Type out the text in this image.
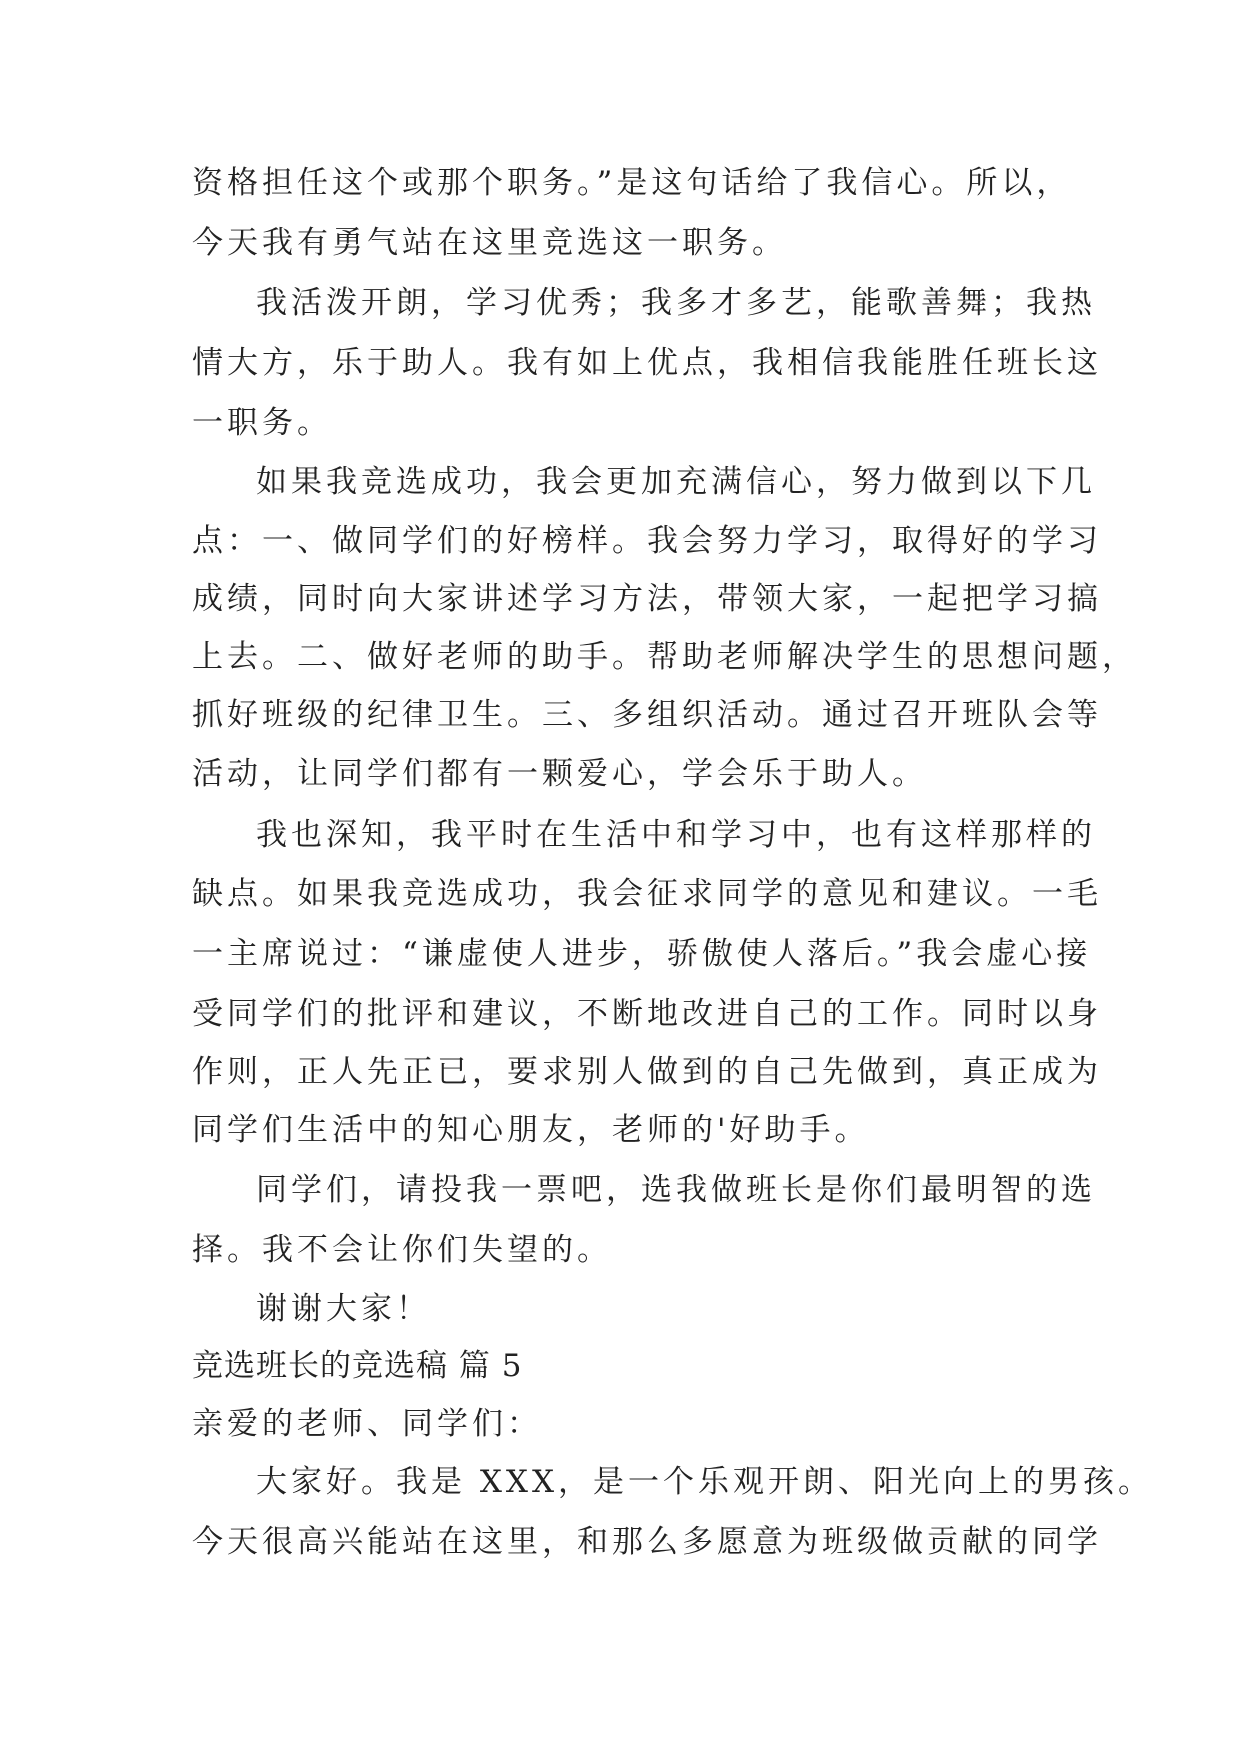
资格担任这个或那个职务。”是这句话给了我信心。所以，
今天我有勇气站在这里竞选这一职务。
我活泼开朗，学习优秀；我多才多艺，能歌善舞；我热
情大方，乐于助人。我有如上优点，我相信我能胜任班长这
一职务。
如果我竞选成功，我会更加充满信心，努力做到以下几
点：一、做同学们的好榜样。我会努力学习，取得好的学习
成绩，同时向大家讲述学习方法，带领大家，一起把学习搞
上去。二、做好老师的助手。帮助老师解决学生的思想问题，
抓好班级的纪律卫生。三、多组织活动。通过召开班队会等
活动，让同学们都有一颗爱心，学会乐于助人。
我也深知，我平时在生活中和学习中，也有这样那样的
缺点。如果我竞选成功，我会征求同学的意见和建议。一毛
一主席说过：“谦虚使人进步，骄傲使人落后。”我会虚心接
受同学们的批评和建议，不断地改进自己的工作。同时以身
作则，正人先正已，要求别人做到的自己先做到，真正成为
同学们生活中的知心朋友，老师的'好助手。
同学们，请投我一票吧，选我做班长是你们最明智的选
择。我不会让你们失望的。
谢谢大家！
竞选班长的竞选稿 篇 5
亲爱的老师、同学们：
大家好。我是 XXX，是一个乐观开朗、阳光向上的男孩。
今天很高兴能站在这里，和那么多愿意为班级做贡献的同学
